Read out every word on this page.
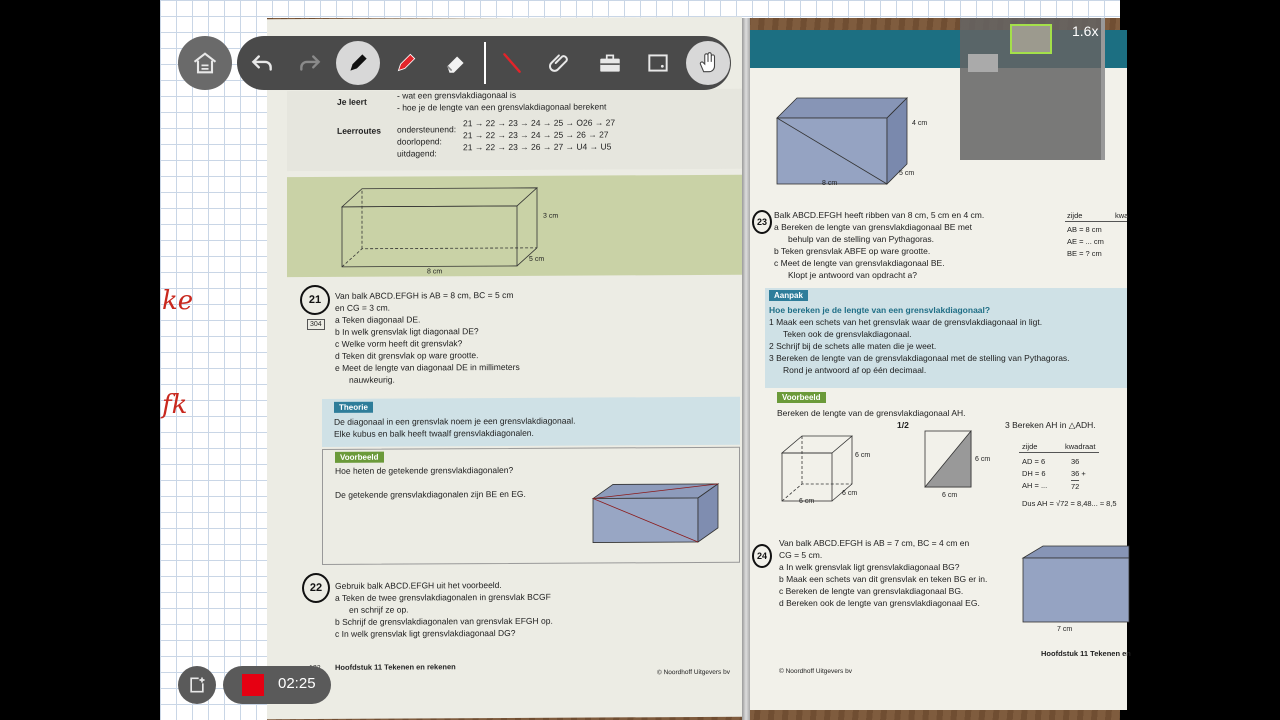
ke
fk
Je leert
- wat een grensvlakdiagonaal is
- hoe je de lengte van een grensvlakdiagonaal berekent
Leerroutes ondersteunend:
21 → 22 → 23 → 24 → 25 → O26 → 27
doorlopend:
21 → 22 → 23 → 24 → 25 → 26 → 27
uitdagend:
21 → 22 → 23 → 26 → 27 → U4 → U5
3 cm
5 cm
8 cm
21
304
Van balk ABCD.EFGH is AB = 8 cm, BC = 5 cm
en CG = 3 cm.
a Teken diagonaal DE.
b In welk grensvlak ligt diagonaal DE?
c Welke vorm heeft dit grensvlak?
d Teken dit grensvlak op ware grootte.
e Meet de lengte van diagonaal DE in millimeters
nauwkeurig.
Theorie
De diagonaal in een grensvlak noem je een grensvlakdiagonaal.
Elke kubus en balk heeft twaalf grensvlakdiagonalen.
Voorbeeld
Hoe heten de getekende grensvlakdiagonalen?
De getekende grensvlakdiagonalen zijn BE en EG.
22	Gebruik balk ABCD.EFGH uit het voorbeeld.
a Teken de twee grensvlakdiagonalen in grensvlak BCGF
en schrijf ze op.
b Schrijf de grensvlakdiagonalen van grensvlak EFGH op.
c In welk grensvlak ligt grensvlakdiagonaal DG?
Hoofdstuk 11 Tekenen en rekenen
© Noordhoff Uitgevers bv
4 cm
5 cm
8 cm
23
Balk ABCD.EFGH heeft ribben van 8 cm, 5 cm en 4 cm.
a Bereken de lengte van grensvlakdiagonaal BE met
behulp van de stelling van Pythagoras.
b Teken grensvlak ABFE op ware grootte.
c Meet de lengte van grensvlakdiagonaal BE.
Klopt je antwoord van opdracht a?
zijde	kwa
AB = 8 cm
AE = ... cm
BE = ? cm
Aanpak
Hoe bereken je de lengte van een grensvlakdiagonaal?
1 Maak een schets van het grensvlak waar de grensvlakdiagonaal in ligt.
Teken ook de grensvlakdiagonaal.
2 Schrijf bij de schets alle maten die je weet.
3 Bereken de lengte van de grensvlakdiagonaal met de stelling van Pythagoras.
Rond je antwoord af op één decimaal.
Voorbeeld
Bereken de lengte van de grensvlakdiagonaal AH.
6 cm
6 cm
6 cm
1/2
6 cm
6 cm
3 Bereken AH in △ADH.
zijde	kwadraat
AD = 6	36
DH = 6	36 +
AH = ...	72
Dus AH = √72 = 8,48... ≈ 8,5
24
Van balk ABCD.EFGH is AB = 7 cm, BC = 4 cm en
CG = 5 cm.
a In welk grensvlak ligt grensvlakdiagonaal BG?
b Maak een schets van dit grensvlak en teken BG er in.
c Bereken de lengte van grensvlakdiagonaal BG.
d Bereken ook de lengte van grensvlakdiagonaal EG.
7 cm
© Noordhoff Uitgevers bv
Hoofdstuk 11 Tekenen en
1.6x
02:25
